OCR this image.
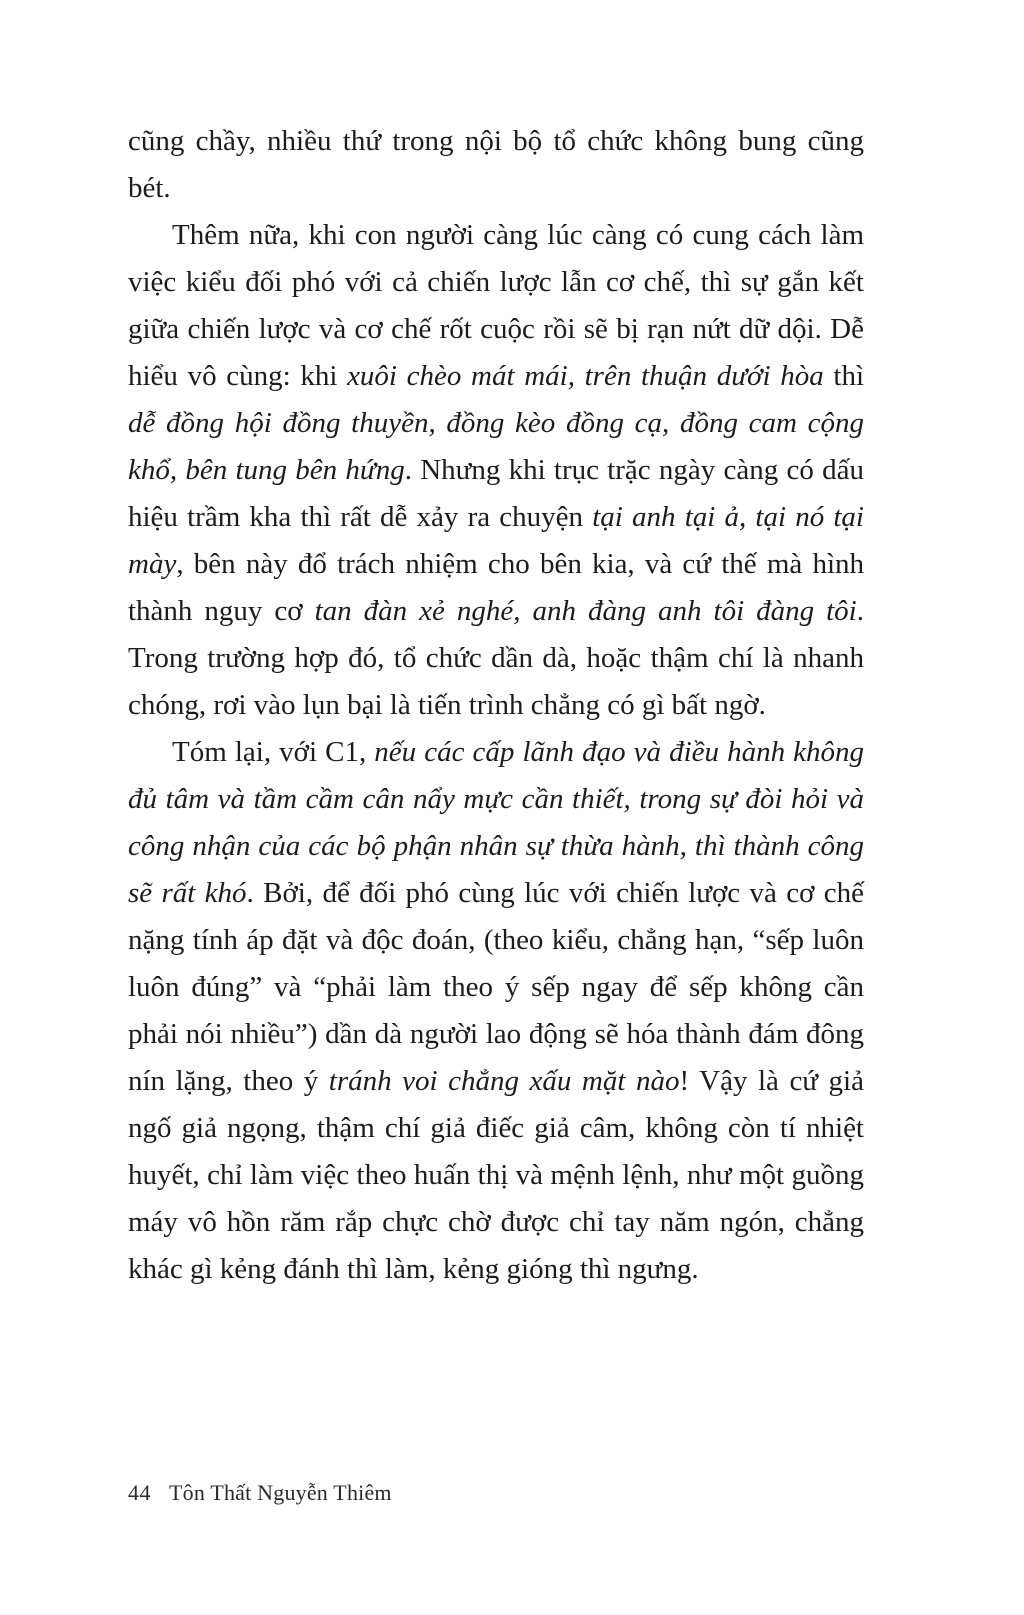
cũng chầy, nhiều thứ trong nội bộ tổ chức không bung cũng bét.

Thêm nữa, khi con người càng lúc càng có cung cách làm việc kiểu đối phó với cả chiến lược lẫn cơ chế, thì sự gắn kết giữa chiến lược và cơ chế rốt cuộc rồi sẽ bị rạn nứt dữ dội. Dễ hiểu vô cùng: khi xuôi chèo mát mái, trên thuận dưới hòa thì dễ đồng hội đồng thuyền, đồng kèo đồng cạ, đồng cam cộng khổ, bên tung bên hứng. Nhưng khi trục trặc ngày càng có dấu hiệu trầm kha thì rất dễ xảy ra chuyện tại anh tại ả, tại nó tại mày, bên này đổ trách nhiệm cho bên kia, và cứ thế mà hình thành nguy cơ tan đàn xẻ nghé, anh đàng anh tôi đàng tôi. Trong trường hợp đó, tổ chức dần dà, hoặc thậm chí là nhanh chóng, rơi vào lụn bại là tiến trình chẳng có gì bất ngờ.

Tóm lại, với C1, nếu các cấp lãnh đạo và điều hành không đủ tâm và tầm cầm cân nẩy mực cần thiết, trong sự đòi hỏi và công nhận của các bộ phận nhân sự thừa hành, thì thành công sẽ rất khó. Bởi, để đối phó cùng lúc với chiến lược và cơ chế nặng tính áp đặt và độc đoán, (theo kiểu, chẳng hạn, “sếp luôn luôn đúng” và “phải làm theo ý sếp ngay để sếp không cần phải nói nhiều”) dần dà người lao động sẽ hóa thành đám đông nín lặng, theo ý tránh voi chẳng xấu mặt nào! Vậy là cứ giả ngố giả ngọng, thậm chí giả điếc giả câm, không còn tí nhiệt huyết, chỉ làm việc theo huấn thị và mệnh lệnh, như một guồng máy vô hồn răm rắp chực chờ được chỉ tay năm ngón, chẳng khác gì kẻng đánh thì làm, kẻng gióng thì ngưng.

44 Tôn Thất Nguyễn Thiêm
